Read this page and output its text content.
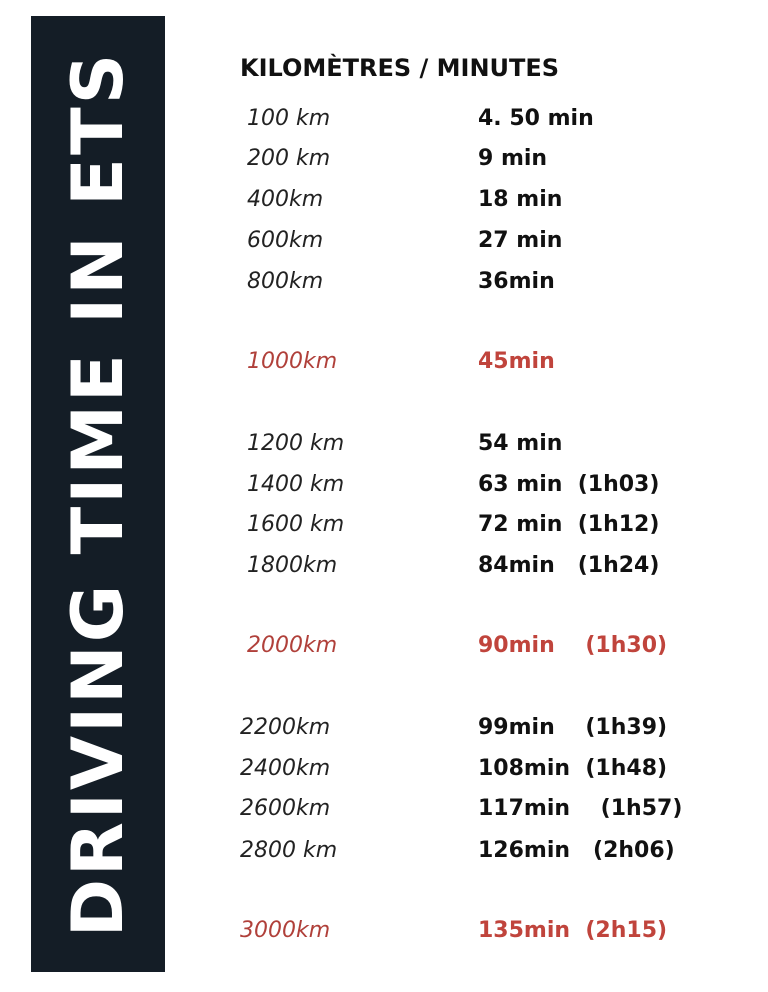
DRIVING TIME IN ETS	KILOMÈTRES / MINUTES
100 km	4. 50 min
200 km	9 min
400km	18 min
600km	27 min
800km	36min
1000km	45min
1200 km	54 min
1400 km	63 min  (1h03)
1600 km	72 min  (1h12)
1800km	84min   (1h24)
2000km	90min    (1h30)
2200km	99min    (1h39)
2400km	108min  (1h48)
2600km	117min    (1h57)
2800 km	126min   (2h06)
3000km	135min  (2h15)
